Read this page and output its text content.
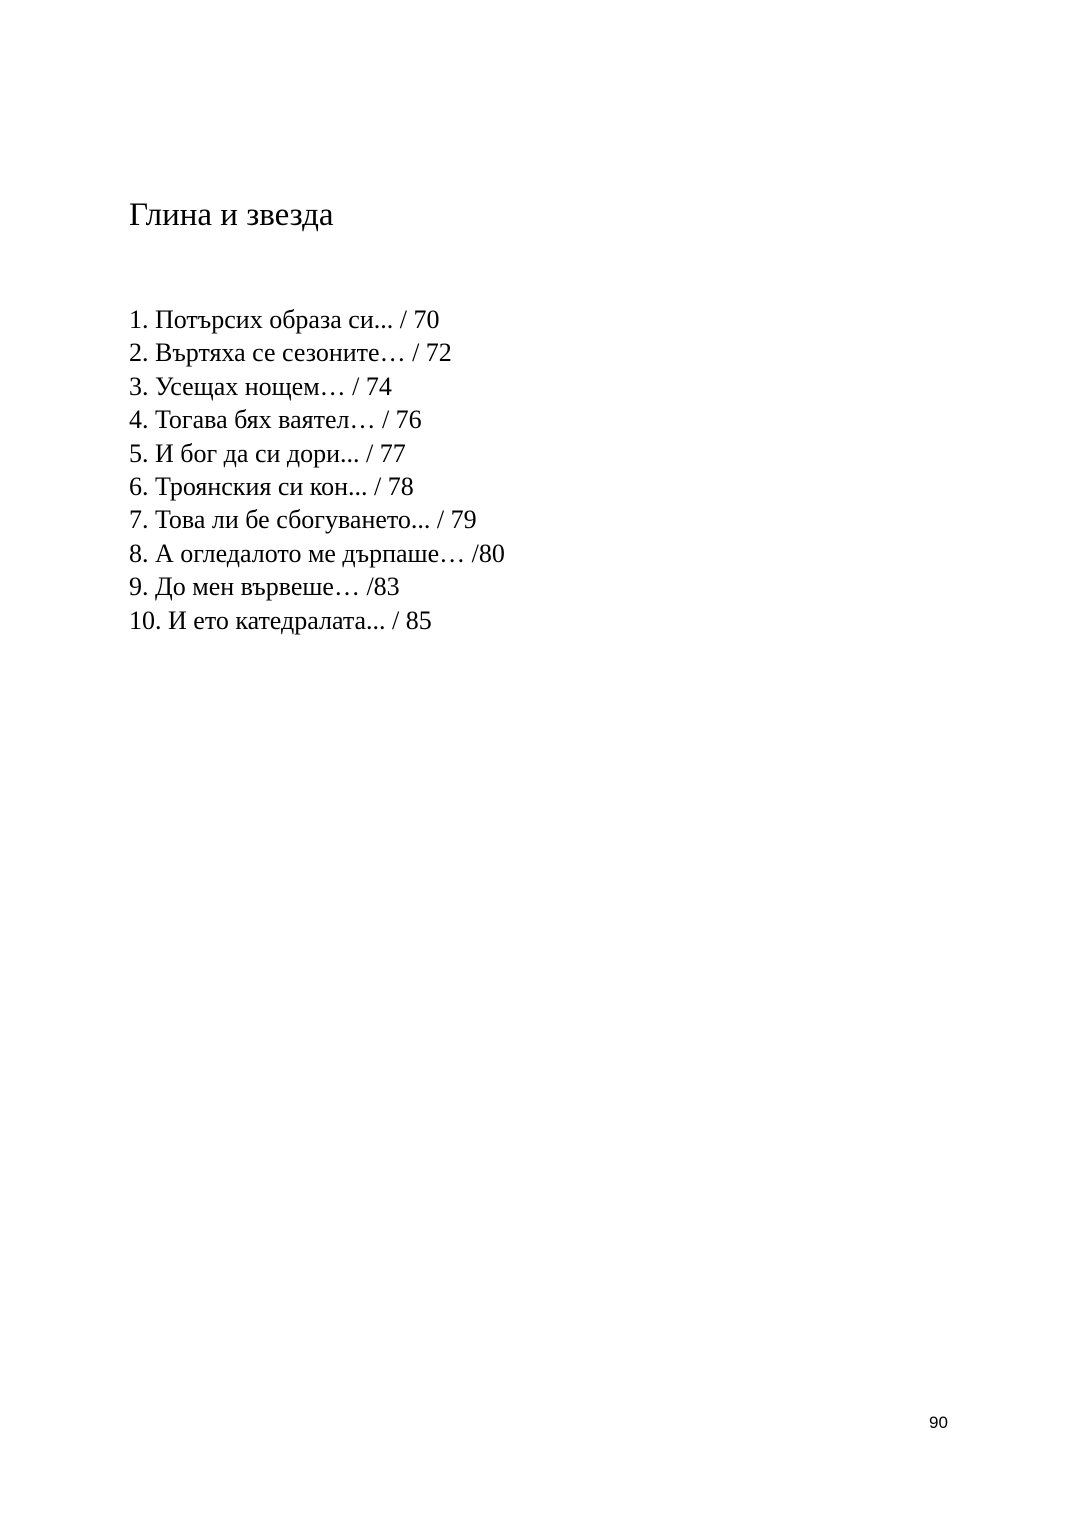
Глина и звезда
1. Потърсих образа си... / 70
2. Въртяха се сезоните… / 72
3. Усещах нощем… / 74
4. Тогава бях ваятел… / 76
5. И бог да си дори... / 77
6. Троянския си кон... / 78
7. Това ли бе сбогуването... / 79
8. А огледалото ме дърпаше… /80
9. До мен вървеше… /83
10. И ето катедралата... / 85
90
